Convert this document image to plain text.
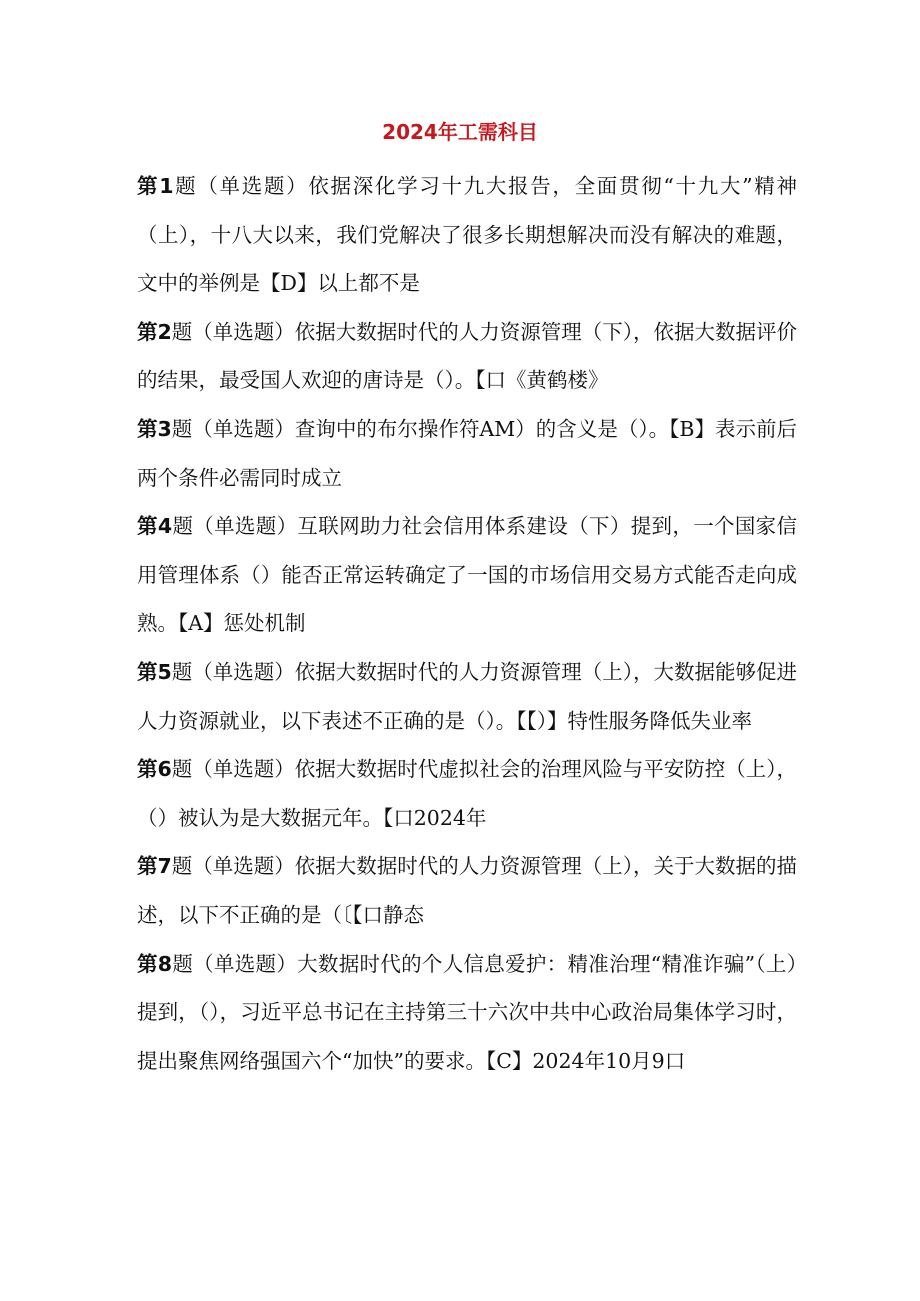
2024年工需科目
第1题（单选题）依据深化学习十九大报告，全面贯彻“十九大”精神（上），十八大以来，我们党解决了很多长期想解决而没有解决的难题，文中的举例是【D】以上都不是
第2题（单选题）依据大数据时代的人力资源管理（下），依据大数据评价的结果，最受国人欢迎的唐诗是（）。【口《黄鹤楼》
第3题（单选题）查询中的布尔操作符AM）的含义是（）。【B】表示前后两个条件必需同时成立
第4题（单选题）互联网助力社会信用体系建设（下）提到，一个国家信用管理体系（）能否正常运转确定了一国的市场信用交易方式能否走向成熟。【A】惩处机制
第5题（单选题）依据大数据时代的人力资源管理（上），大数据能够促进人力资源就业，以下表述不正确的是（）。【【）】特性服务降低失业率
第6题（单选题）依据大数据时代虚拟社会的治理风险与平安防控（上），（）被认为是大数据元年。【口2024年
第7题（单选题）依据大数据时代的人力资源管理（上），关于大数据的描述，以下不正确的是（〔【口静态
第8题（单选题）大数据时代的个人信息爱护：精准治理“精准诈骗”（上）提到，（），习近平总书记在主持第三十六次中共中心政治局集体学习时，提出聚焦网络强国六个“加快”的要求。【C】2024年10月9口
